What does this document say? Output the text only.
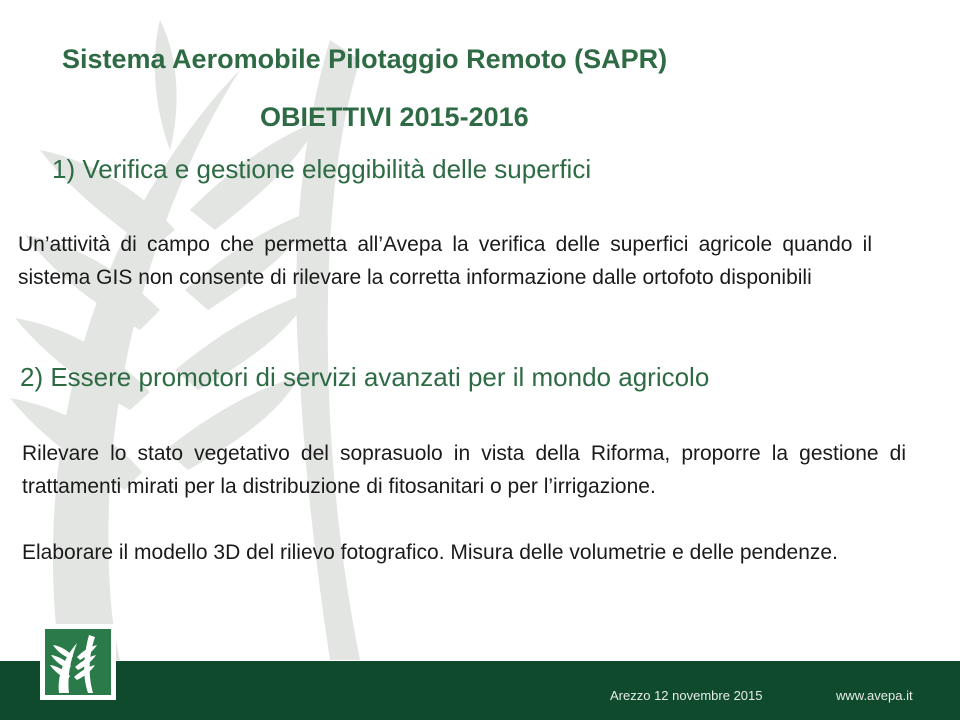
Sistema Aeromobile Pilotaggio Remoto (SAPR)
OBIETTIVI 2015-2016
1) Verifica e gestione eleggibilità delle superfici
Un’attività di campo che permetta all’Avepa la verifica delle superfici agricole quando il sistema GIS non consente di rilevare la corretta informazione dalle ortofoto disponibili
2) Essere promotori di servizi avanzati per il mondo agricolo
Rilevare lo stato vegetativo del soprasuolo in vista della Riforma, proporre la gestione di trattamenti mirati per la distribuzione di fitosanitari o per l’irrigazione.
Elaborare il modello 3D del rilievo fotografico. Misura delle volumetrie e delle pendenze.
Arezzo 12 novembre 2015	www.avepa.it
